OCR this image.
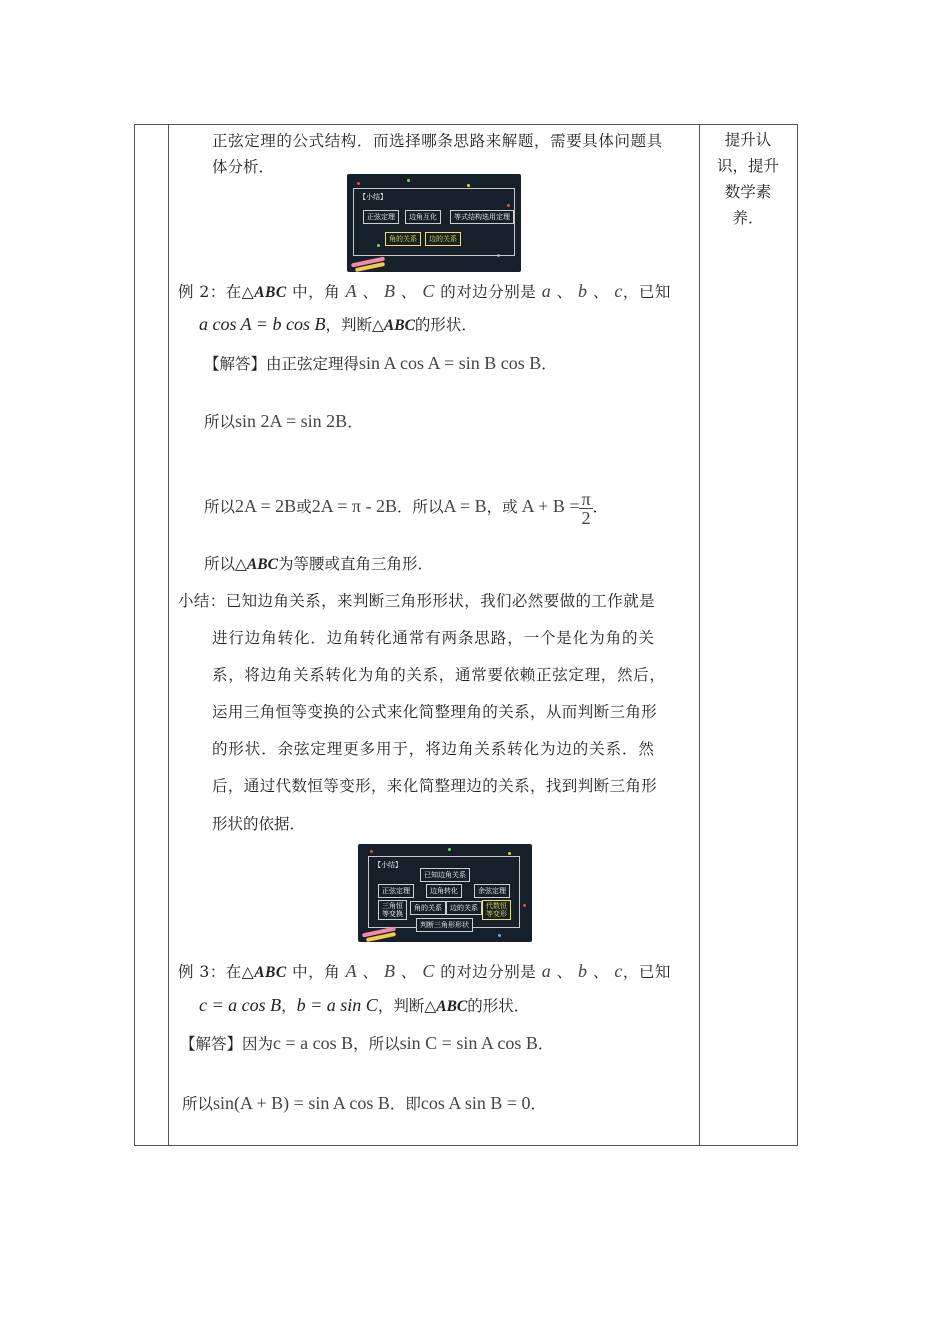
提升认
识，提升
数学素
养．
正弦定理的公式结构．而选择哪条思路来解题，需要具体问题具
体分析．
【小结】
正弦定理	边角互化	等式结构选用定理
角的关系	边的关系
例 2：在△ABC 中，角 A 、 B 、 C 的对边分别是 a 、 b 、 c，已知
a cos A = b cos B，判断△ABC的形状．
【解答】由正弦定理得sin A cos A = sin B cos B．
所以sin 2A = sin 2B．
所以2A = 2B或2A = π - 2B．所以A = B，或 $A + B = \frac{\pi}{2}$ ．
所以△ABC为等腰或直角三角形．
小结：已知边角关系，来判断三角形形状，我们必然要做的工作就是
进行边角转化．边角转化通常有两条思路，一个是化为角的关
系，将边角关系转化为角的关系，通常要依赖正弦定理，然后，
运用三角恒等变换的公式来化简整理角的关系，从而判断三角形
的形状．余弦定理更多用于，将边角关系转化为边的关系．然
后，通过代数恒等变形，来化简整理边的关系，找到判断三角形
形状的依据．
【小结】
已知边角关系
正弦定理	边角转化	余弦定理
三角恒
等变换
角的关系	边的关系	代数恒
等变形
判断三角形形状
例 3：在△ABC 中，角 A 、 B 、 C 的对边分别是 a 、 b 、 c，已知
c = a cos B，b = a sin C，判断△ABC的形状．
【解答】因为c = a cos B，所以sin C = sin A cos B．
所以sin(A + B) = sin A cos B．即cos A sin B = 0．
